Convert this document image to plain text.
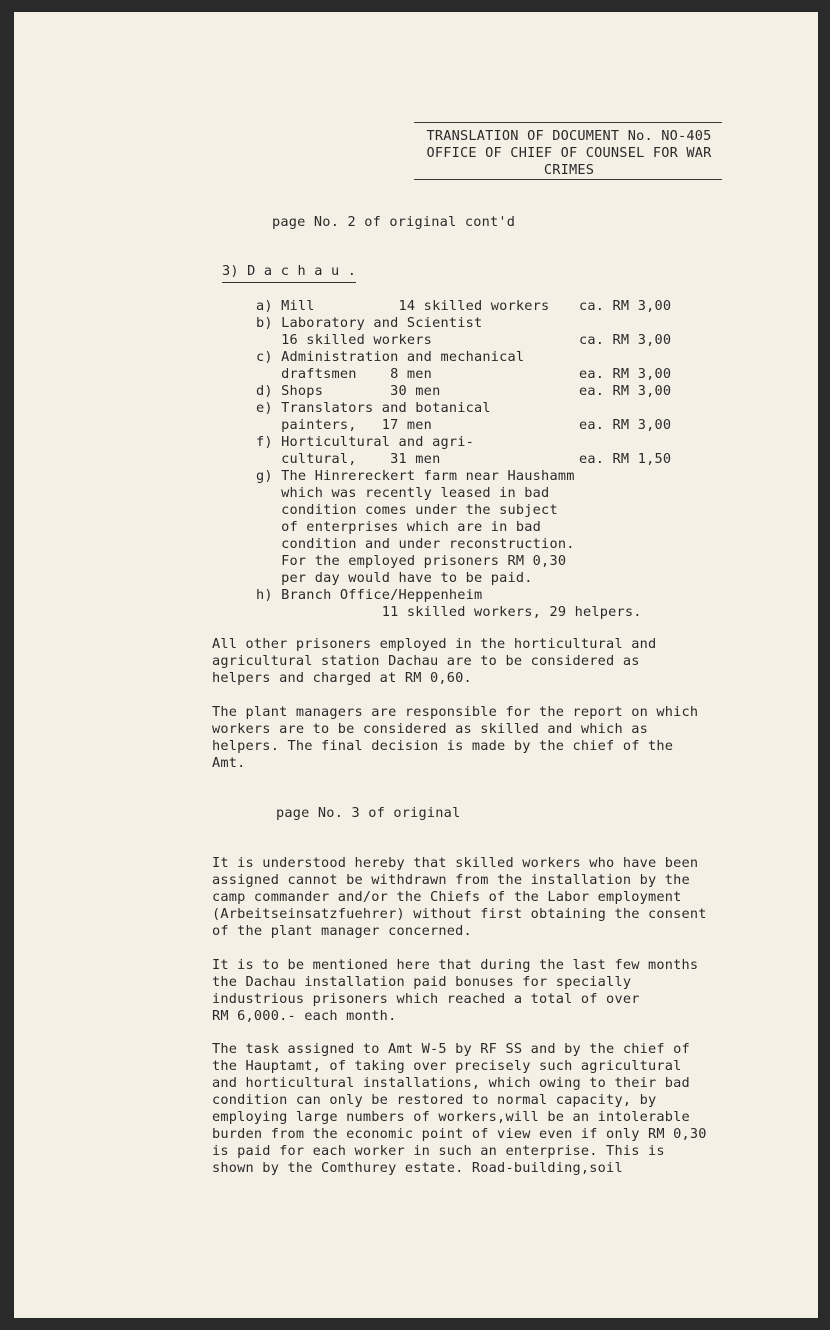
TRANSLATION OF DOCUMENT No. NO-405
OFFICE OF CHIEF OF COUNSEL FOR WAR
CRIMES
page No. 2 of original cont'd
3) D a c h a u .
a) Mill          14 skilled workers ca. RM 3,00
b) Laboratory and Scientist
16 skilled workers	ca. RM 3,00
c) Administration and mechanical
draftsmen    8 men	ea. RM 3,00
d) Shops        30 men	ea. RM 3,00
e) Translators and botanical
painters,   17 men	ea. RM 3,00
f) Horticultural and agri-
cultural,    31 men	ea. RM 1,50
g) The Hinrereckert farm near Haushamm
which was recently leased in bad
condition comes under the subject
of enterprises which are in bad
condition and under reconstruction.
For the employed prisoners RM 0,30
per day would have to be paid.
h) Branch Office/Heppenheim
11 skilled workers, 29 helpers.
All other prisoners employed in the horticultural and
agricultural station Dachau are to be considered as
helpers and charged at RM 0,60.
The plant managers are responsible for the report on which
workers are to be considered as skilled and which as
helpers. The final decision is made by the chief of the
Amt.
page No. 3 of original
It is understood hereby that skilled workers who have been
assigned cannot be withdrawn from the installation by the
camp commander and/or the Chiefs of the Labor employment
(Arbeitseinsatzfuehrer) without first obtaining the consent
of the plant manager concerned.
It is to be mentioned here that during the last few months
the Dachau installation paid bonuses for specially
industrious prisoners which reached a total of over
RM 6,000.- each month.
The task assigned to Amt W-5 by RF SS and by the chief of
the Hauptamt, of taking over precisely such agricultural
and horticultural installations, which owing to their bad
condition can only be restored to normal capacity, by
employing large numbers of workers,will be an intolerable
burden from the economic point of view even if only RM 0,30
is paid for each worker in such an enterprise. This is
shown by the Comthurey estate. Road-building,soil
